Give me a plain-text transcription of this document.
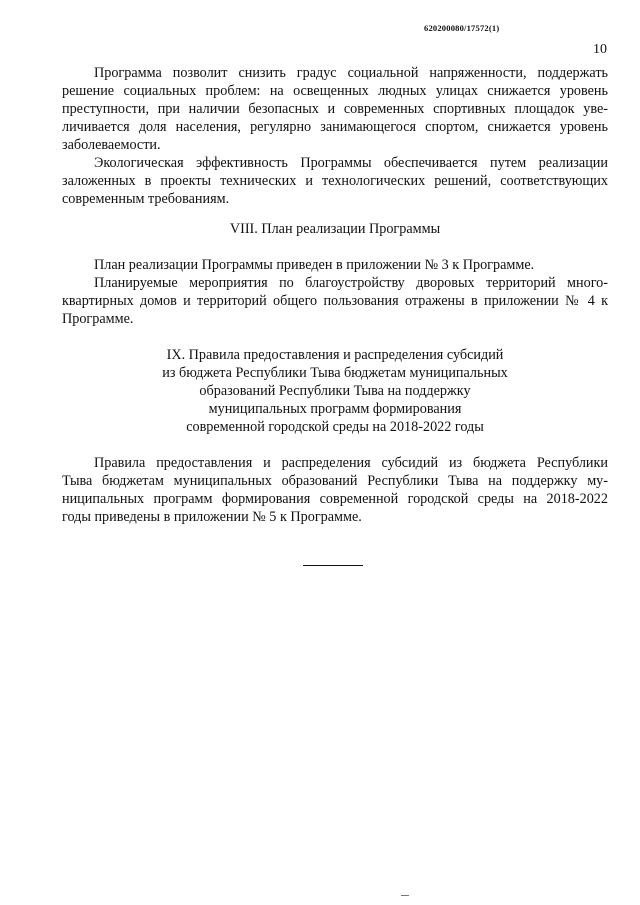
620200080/17572(1)
10
Программа позволит снизить градус социальной напряженности, поддержать
решение социальных проблем: на освещенных людных улицах снижается уровень
преступности, при наличии безопасных и современных спортивных площадок уве-
личивается доля населения, регулярно занимающегося спортом, снижается уровень
заболеваемости.
Экологическая эффективность Программы обеспечивается путем реализации
заложенных в проекты технических и технологических решений, соответствующих
современным требованиям.
VIII. План реализации Программы
План реализации Программы приведен в приложении № 3 к Программе.
Планируемые мероприятия по благоустройству дворовых территорий много-
квартирных домов и территорий общего пользования отражены в приложении № 4 к
Программе.
IX. Правила предоставления и распределения субсидий
из бюджета Республики Тыва бюджетам муниципальных
образований Республики Тыва на поддержку
муниципальных программ формирования
современной городской среды на 2018-2022 годы
Правила предоставления и распределения субсидий из бюджета Республики
Тыва бюджетам муниципальных образований Республики Тыва на поддержку му-
ниципальных программ формирования современной городской среды на 2018-2022
годы приведены в приложении № 5 к Программе.
